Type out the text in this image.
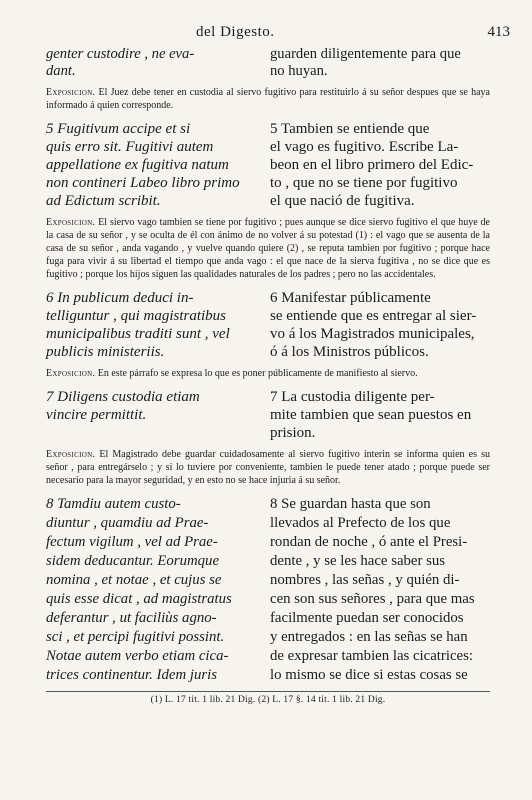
del Digesto.	413
genter custodire , ne eva-
dant.
guarden diligentemente para que
no huyan.
Exposicion. El Juez debe tener en custodia al siervo fugitivo para restituirlo á su señor despues que se haya informado á quien corresponde.
5 Fugitivum accipe et si
quis erro sit. Fugitivi autem
appellatione ex fugitiva natum
non contineri Labeo libro primo
ad Edictum scribit.
5 Tambien se entiende que
el vago es fugitivo. Escribe La-
beon en el libro primero del Edic-
to , que no se tiene por fugitivo
el que nació de fugitiva.
Exposicion. El siervo vago tambien se tiene por fugitivo ; pues aunque se dice siervo fugitivo el que huye de la casa de su señor , y se oculta de él con ánimo de no volver á su potestad (1) : el vago que se ausenta de la casa de su señor , anda vagando , y vuelve quando quiere (2) , se reputa tambien por fugitivo ; porque hace fuga para vivir á su libertad el tiempo que anda vago : el que nace de la sierva fugitiva , no se dice que es fugitivo ; porque los hijos siguen las qualidades naturales de los padres ; pero no las accidentales.
6 In publicum deduci in-
telliguntur , qui magistratibus
municipalibus traditi sunt , vel
publicis ministeriis.
6 Manifestar públicamente
se entiende que es entregar al sier-
vo á los Magistrados municipales,
ó á los Ministros públicos.
Exposicion. En este párrafo se expresa lo que es poner públicamente de manifiesto al siervo.
7 Diligens custodia etiam
vincire permittit.
7 La custodia diligente per-
mite tambien que sean puestos en
prision.
Exposicion. El Magistrado debe guardar cuidadosamente al siervo fugitivo interin se informa quien es su señor , para entregárselo ; y si lo tuviere por conveniente, tambien le puede tener atado ; porque puede ser necesario para la mayor seguridad, y en esto no se hace injuria á su señor.
8 Tamdiu autem custo-
diuntur , quamdiu ad Prae-
fectum vigilum , vel ad Prae-
sidem deducantur. Eorumque
nomina , et notae , et cujus se
quis esse dicat , ad magistratus
deferantur , ut faciliùs agno-
sci , et percipi fugitivi possint.
Notae autem verbo etiam cica-
trices continentur. Idem juris
8 Se guardan hasta que son
llevados al Prefecto de los que
rondan de noche , ó ante el Presi-
dente , y se les hace saber sus
nombres , las señas , y quién di-
cen son sus señores , para que mas
facilmente puedan ser conocidos
y entregados : en las señas se han
de expresar tambien las cicatrices:
lo mismo se dice si estas cosas se
(1) L. 17 tit. 1 lib. 21 Dig. (2) L. 17 §. 14 tit. 1 lib. 21 Dig.
